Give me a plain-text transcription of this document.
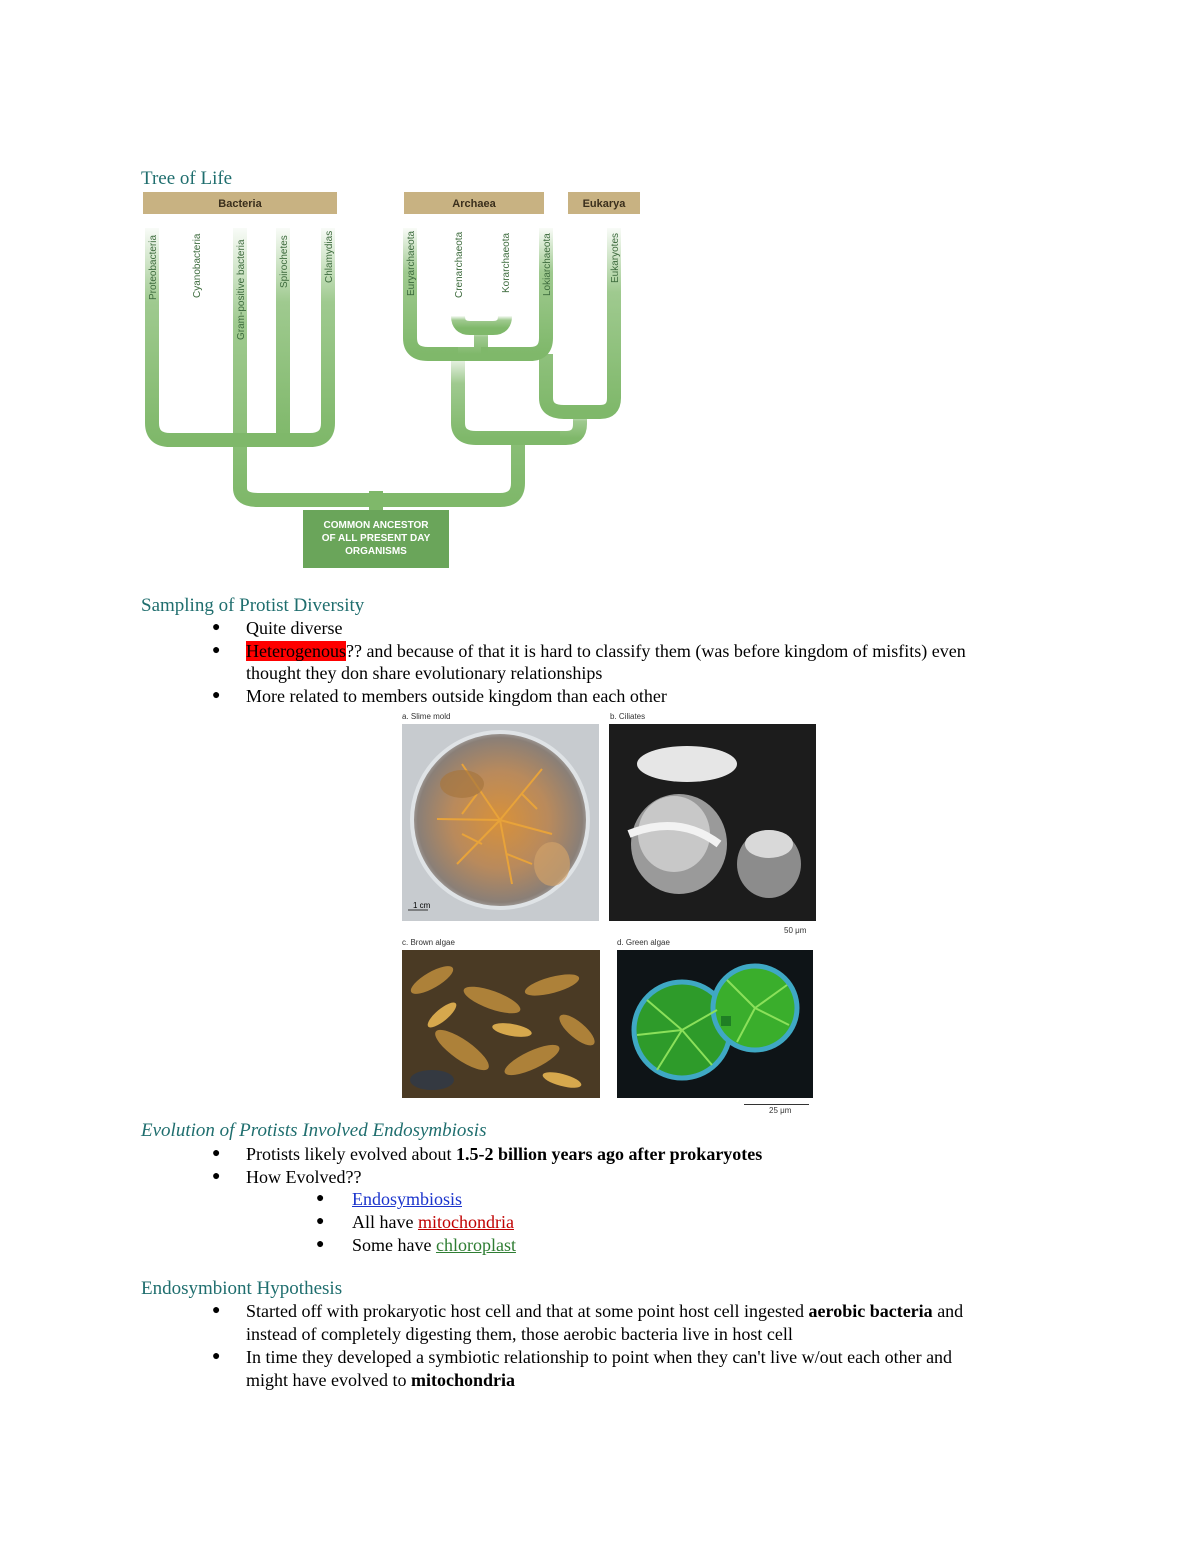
Tree of Life
Bacteria	Archaea	Eukarya
Proteobacteria	Cyanobacteria	Gram-positive bacteria	Spirochetes	Chlamydias	Euryarchaeota	Crenarchaeota	Korarchaeota	Lokiarchaeota	Eukaryotes
COMMON ANCESTOR
OF ALL PRESENT DAY
ORGANISMS
Sampling of Protist Diversity
● Quite diverse
● Heterogenous?? and because of that it is hard to classify them (was before kingdom of misfits) even
thought they don share evolutionary relationships
● More related to members outside kingdom than each other
a. Slime mold	b. Ciliates
1 cm
50 μm
c. Brown algae	d. Green algae
25 μm
Evolution of Protists Involved Endosymbiosis
● Protists likely evolved about 1.5-2 billion years ago after prokaryotes
● How Evolved??
● Endosymbiosis
● All have mitochondria
● Some have chloroplast
Endosymbiont Hypothesis
● Started off with prokaryotic host cell and that at some point host cell ingested aerobic bacteria and
instead of completely digesting them, those aerobic bacteria live in host cell
● In time they developed a symbiotic relationship to point when they can't live w/out each other and
might have evolved to mitochondria
